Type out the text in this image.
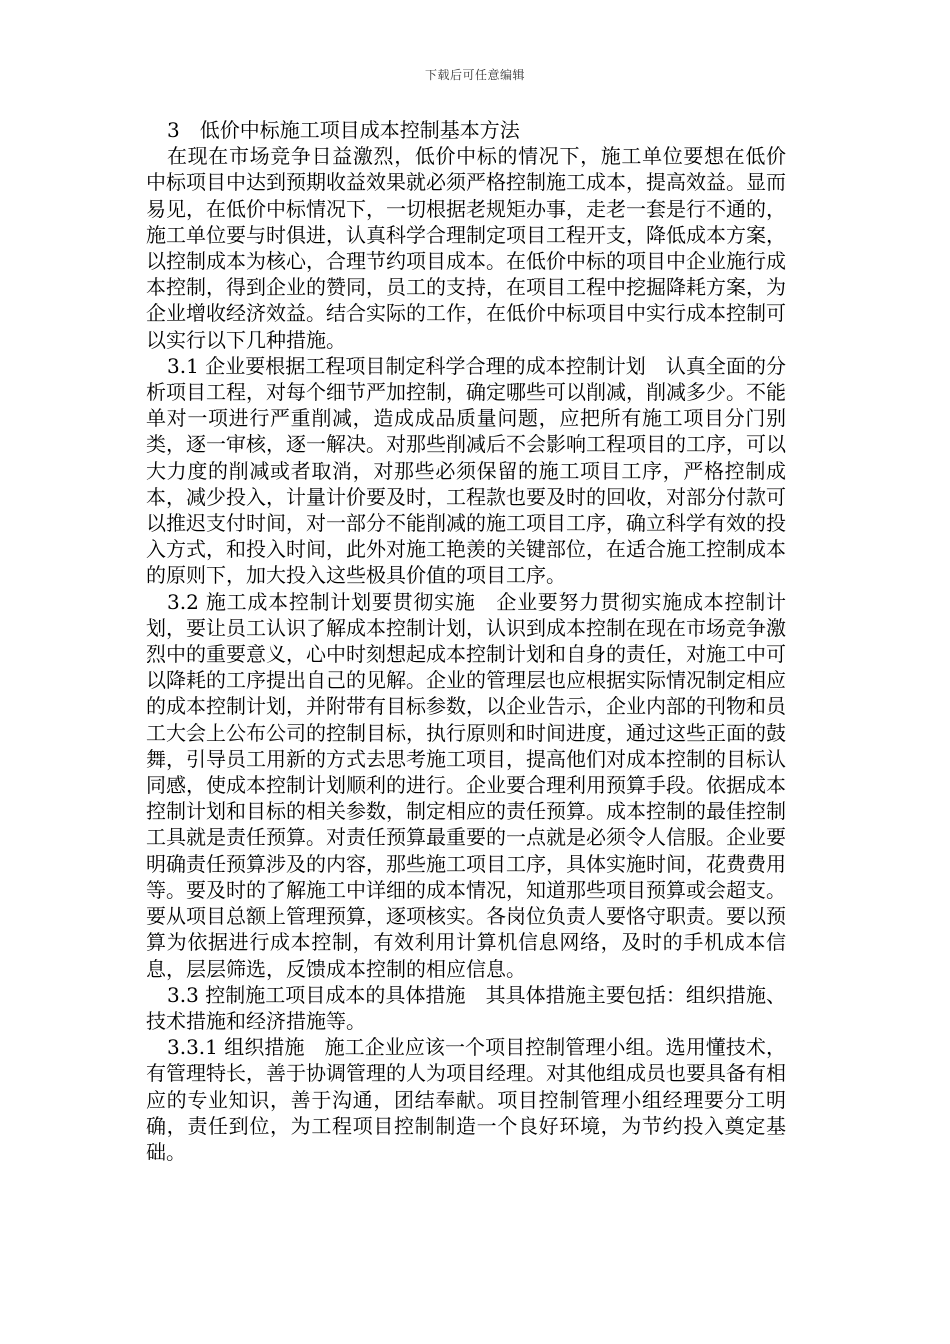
下载后可任意编辑

3　低价中标施工项目成本控制基本方法

在现在市场竞争日益激烈，低价中标的情况下，施工单位要想在低价中标项目中达到预期收益效果就必须严格控制施工成本，提高效益。显而易见，在低价中标情况下，一切根据老规矩办事，走老一套是行不通的，施工单位要与时俱进，认真科学合理制定项目工程开支，降低成本方案，以控制成本为核心，合理节约项目成本。在低价中标的项目中企业施行成本控制，得到企业的赞同，员工的支持，在项目工程中挖掘降耗方案，为企业增收经济效益。结合实际的工作，在低价中标项目中实行成本控制可以实行以下几种措施。

3.1 企业要根据工程项目制定科学合理的成本控制计划　认真全面的分析项目工程，对每个细节严加控制，确定哪些可以削减，削减多少。不能单对一项进行严重削减，造成成品质量问题，应把所有施工项目分门别类，逐一审核，逐一解决。对那些削减后不会影响工程项目的工序，可以大力度的削减或者取消，对那些必须保留的施工项目工序，严格控制成本，减少投入，计量计价要及时，工程款也要及时的回收，对部分付款可以推迟支付时间，对一部分不能削减的施工项目工序，确立科学有效的投入方式，和投入时间，此外对施工艳羡的关键部位，在适合施工控制成本的原则下，加大投入这些极具价值的项目工序。

3.2 施工成本控制计划要贯彻实施　企业要努力贯彻实施成本控制计划，要让员工认识了解成本控制计划，认识到成本控制在现在市场竞争激烈中的重要意义，心中时刻想起成本控制计划和自身的责任，对施工中可以降耗的工序提出自己的见解。企业的管理层也应根据实际情况制定相应的成本控制计划，并附带有目标参数，以企业告示，企业内部的刊物和员工大会上公布公司的控制目标，执行原则和时间进度，通过这些正面的鼓舞，引导员工用新的方式去思考施工项目，提高他们对成本控制的目标认同感，使成本控制计划顺利的进行。企业要合理利用预算手段。依据成本控制计划和目标的相关参数，制定相应的责任预算。成本控制的最佳控制工具就是责任预算。对责任预算最重要的一点就是必须令人信服。企业要明确责任预算涉及的内容，那些施工项目工序，具体实施时间，花费费用等。要及时的了解施工中详细的成本情况，知道那些项目预算或会超支。要从项目总额上管理预算，逐项核实。各岗位负责人要恪守职责。要以预算为依据进行成本控制，有效利用计算机信息网络，及时的手机成本信息，层层筛选，反馈成本控制的相应信息。

3.3 控制施工项目成本的具体措施　其具体措施主要包括：组织措施、技术措施和经济措施等。

3.3.1 组织措施　施工企业应该一个项目控制管理小组。选用懂技术，有管理特长，善于协调管理的人为项目经理。对其他组成员也要具备有相应的专业知识，善于沟通，团结奉献。项目控制管理小组经理要分工明确，责任到位，为工程项目控制制造一个良好环境，为节约投入奠定基础。
